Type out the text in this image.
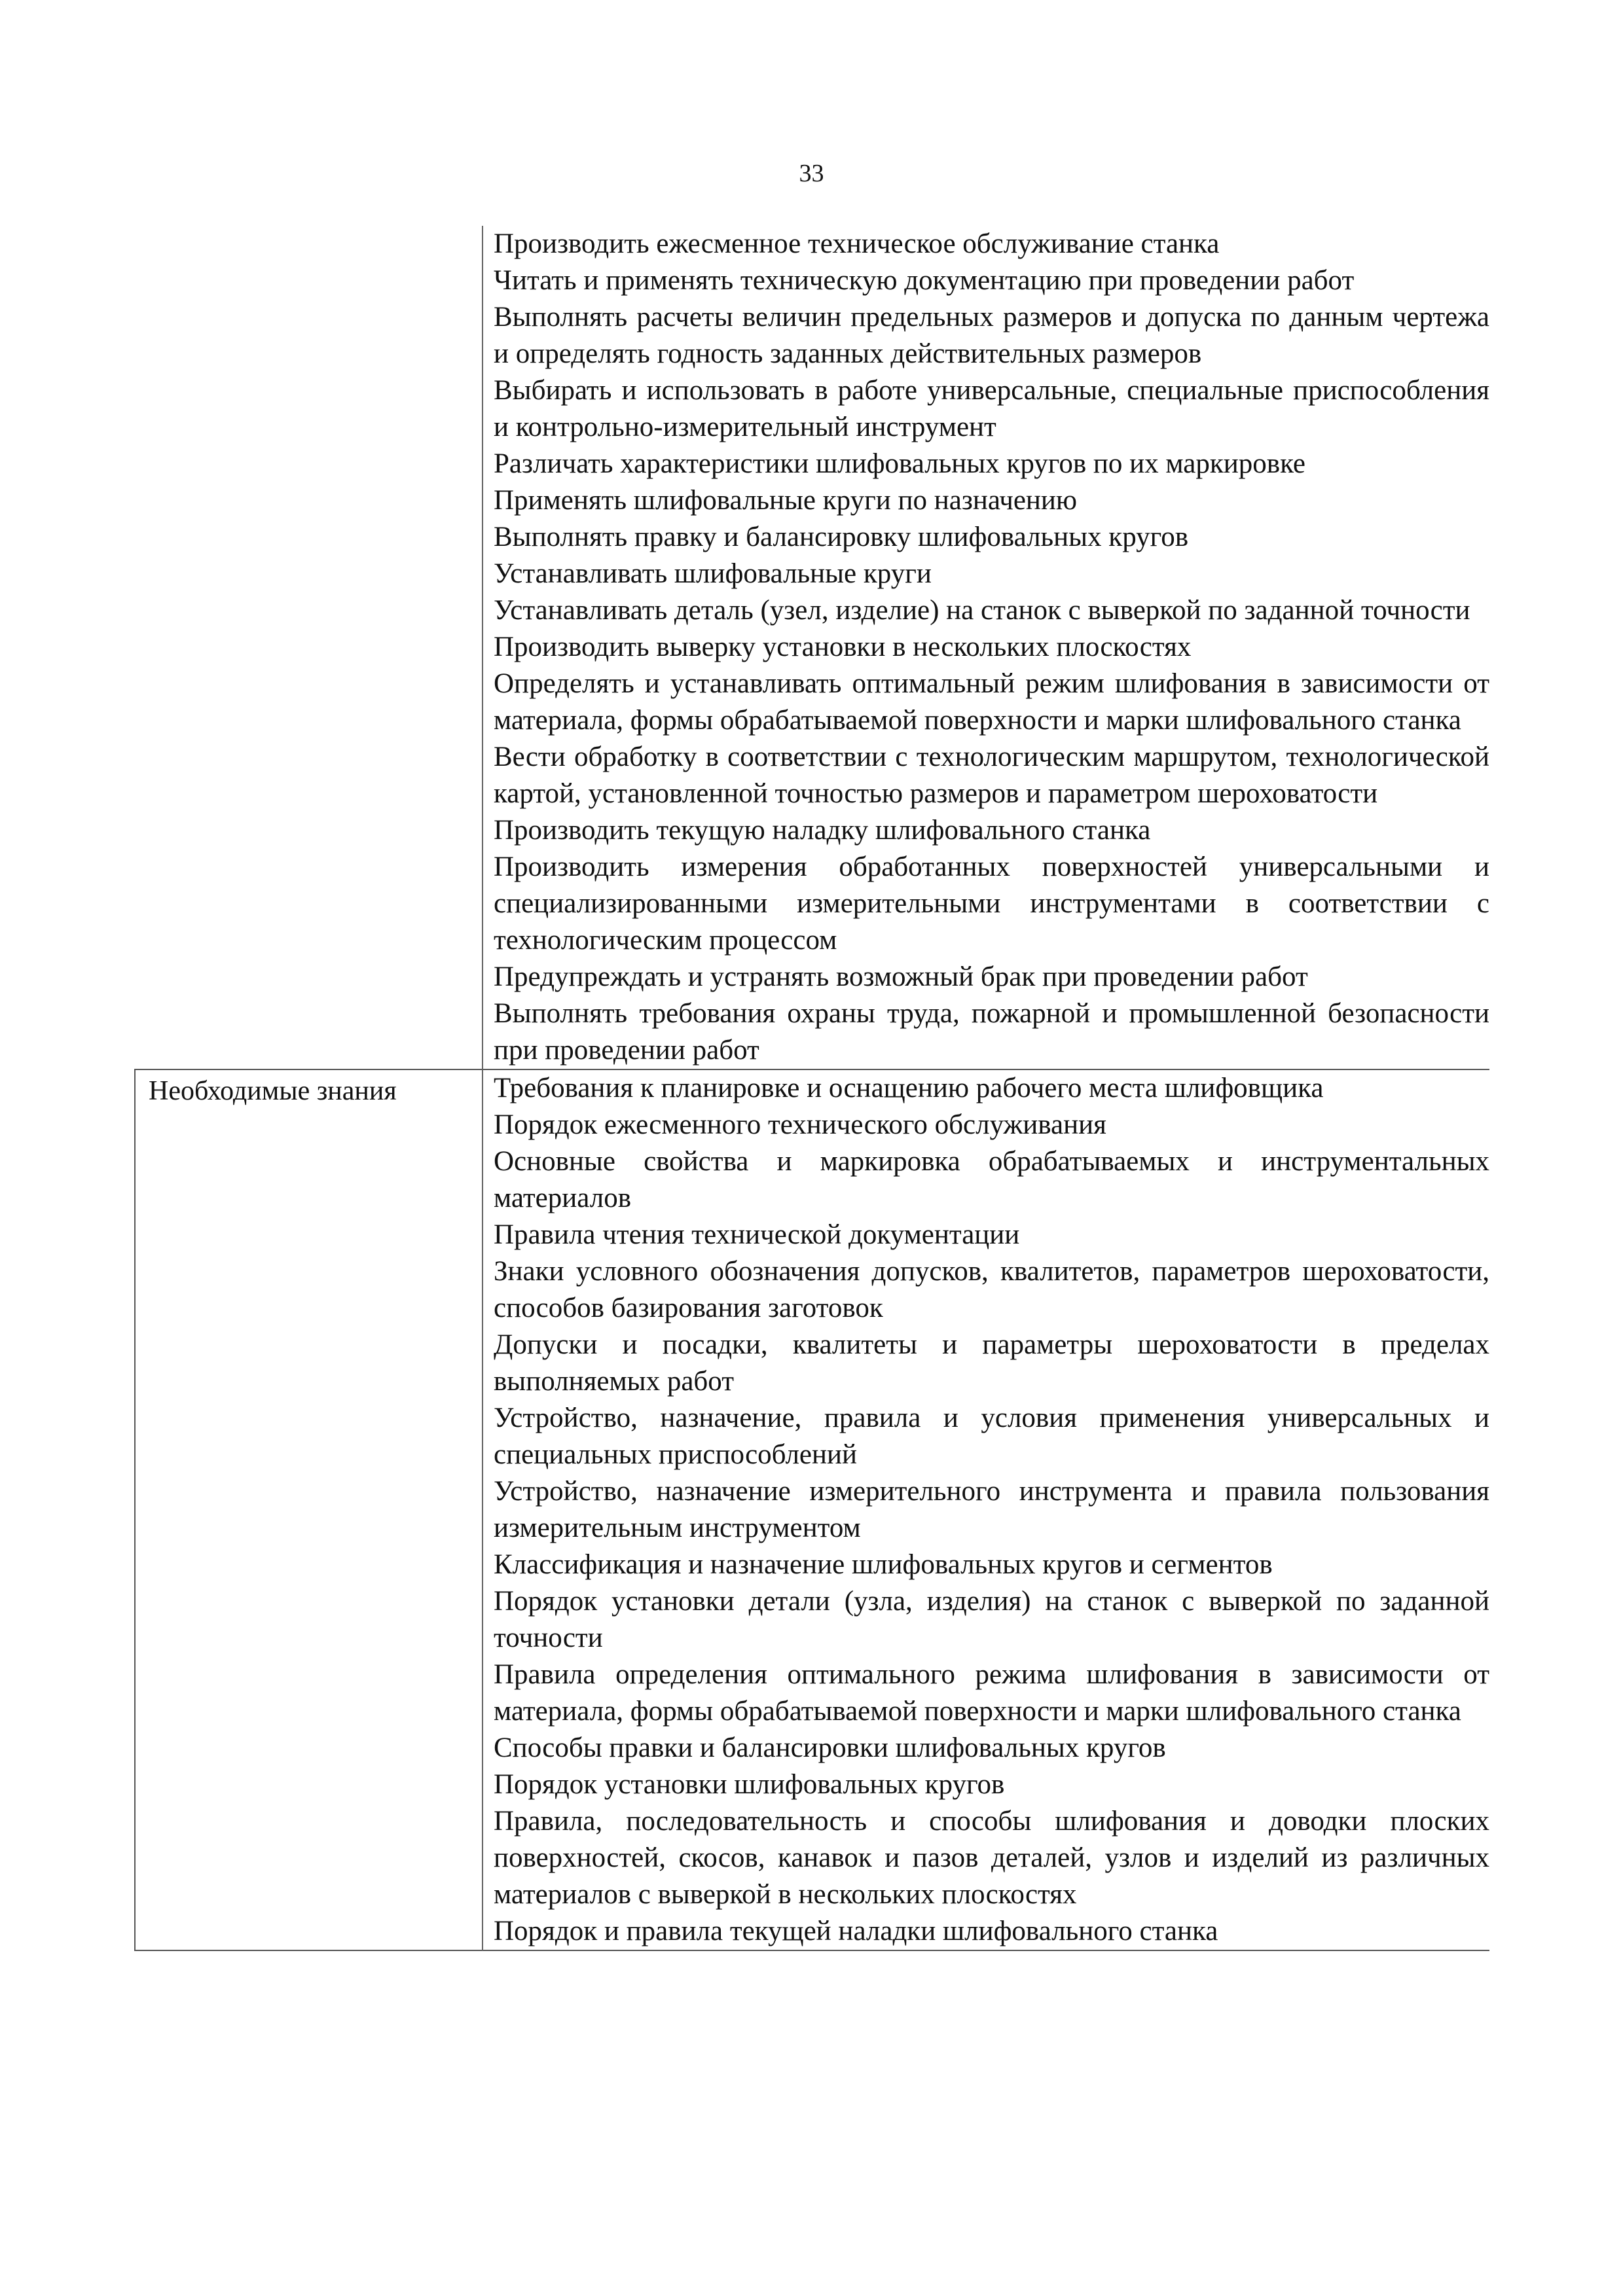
33

Производить ежесменное техническое обслуживание станка

Читать и применять техническую документацию при проведении работ

Выполнять расчеты величин предельных размеров и допуска по данным чертежа и определять годность заданных действительных размеров

Выбирать и использовать в работе универсальные, специальные приспособления и контрольно-измерительный инструмент

Различать характеристики шлифовальных кругов по их маркировке

Применять шлифовальные круги по назначению

Выполнять правку и балансировку шлифовальных кругов

Устанавливать шлифовальные круги

Устанавливать деталь (узел, изделие) на станок с выверкой по заданной точности

Производить выверку установки в нескольких плоскостях

Определять и устанавливать оптимальный режим шлифования в зависимости от материала, формы обрабатываемой поверхности и марки шлифовального станка

Вести обработку в соответствии с технологическим маршрутом, технологической картой, установленной точностью размеров и параметром шероховатости

Производить текущую наладку шлифовального станка

Производить измерения обработанных поверхностей универсальными и специализированными измерительными инструментами в соответствии с технологическим процессом

Предупреждать и устранять возможный брак при проведении работ

Выполнять требования охраны труда, пожарной и промышленной безопасности при проведении работ

Необходимые знания	Требования к планировке и оснащению рабочего места шлифовщика

Порядок ежесменного технического обслуживания

Основные свойства и маркировка обрабатываемых и инструментальных материалов

Правила чтения технической документации

Знаки условного обозначения допусков, квалитетов, параметров шероховатости, способов базирования заготовок

Допуски и посадки, квалитеты и параметры шероховатости в пределах выполняемых работ

Устройство, назначение, правила и условия применения универсальных и специальных приспособлений

Устройство, назначение измерительного инструмента и правила пользования измерительным инструментом

Классификация и назначение шлифовальных кругов и сегментов

Порядок установки детали (узла, изделия) на станок с выверкой по заданной точности

Правила определения оптимального режима шлифования в зависимости от материала, формы обрабатываемой поверхности и марки шлифовального станка

Способы правки и балансировки шлифовальных кругов

Порядок установки шлифовальных кругов

Правила, последовательность и способы шлифования и доводки плоских поверхностей, скосов, канавок и пазов деталей, узлов и изделий из различных материалов с выверкой в нескольких плоскостях

Порядок и правила текущей наладки шлифовального станка
